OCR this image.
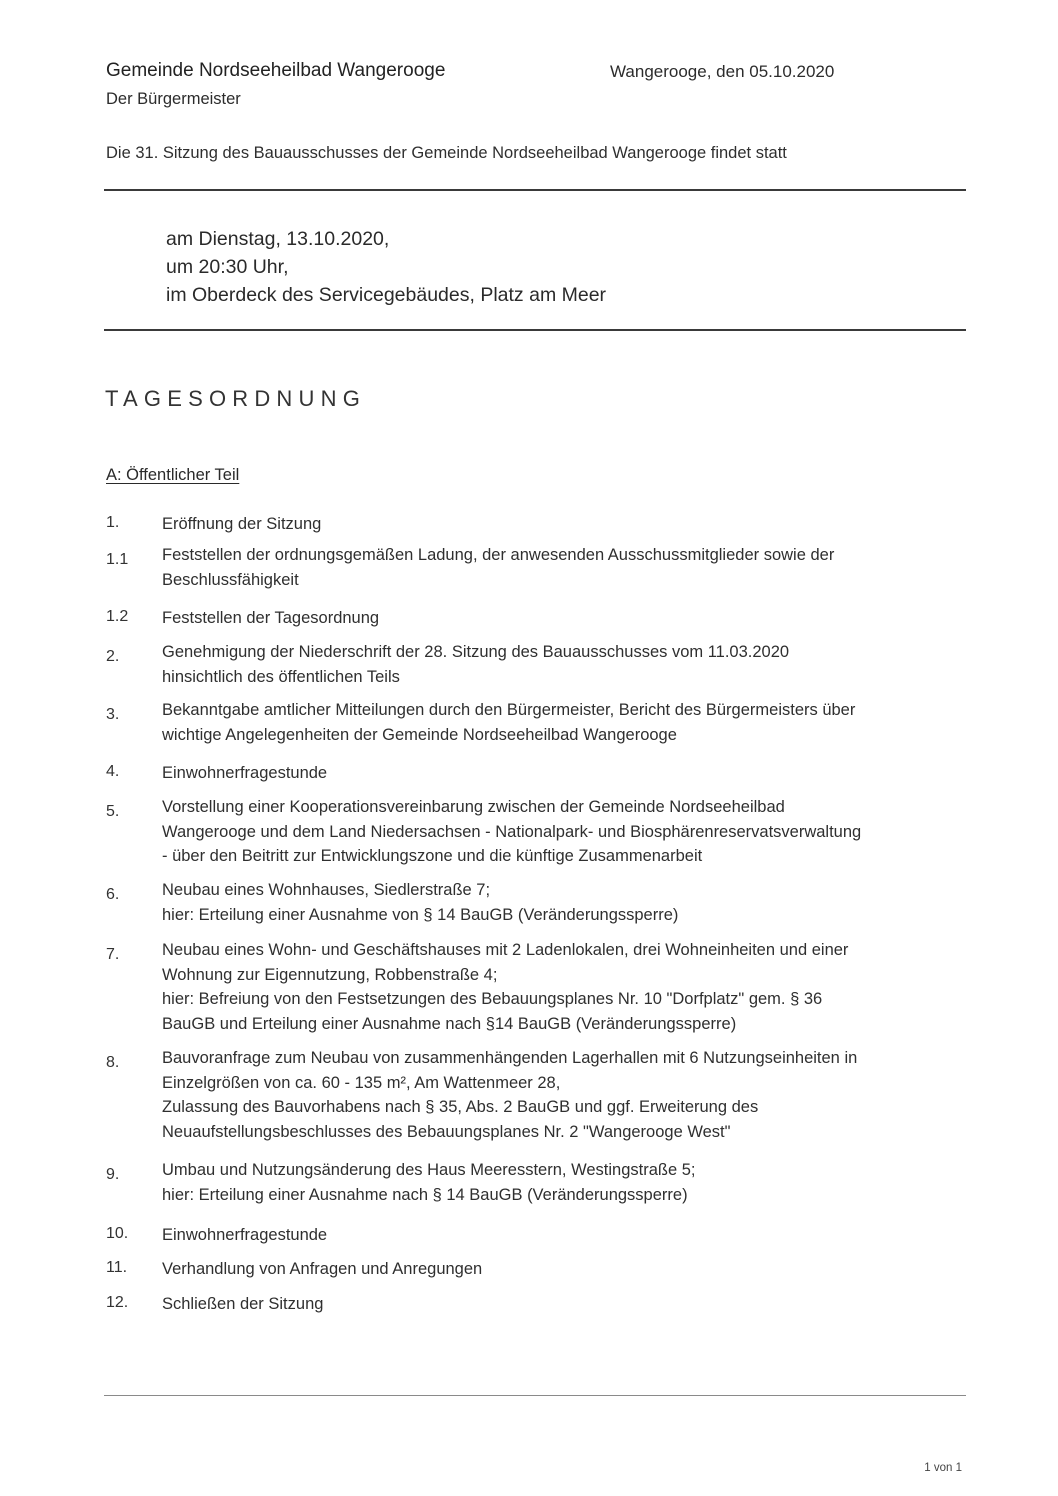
Gemeinde Nordseeheilbad Wangerooge
Der Bürgermeister
Wangerooge, den 05.10.2020
Die 31. Sitzung des Bauausschusses der Gemeinde Nordseeheilbad Wangerooge findet statt
am Dienstag, 13.10.2020,
um 20:30 Uhr,
im Oberdeck des Servicegebäudes, Platz am Meer
TAGESORDNUNG
A: Öffentlicher Teil
1.	Eröffnung der Sitzung
1.1 Feststellen der ordnungsgemäßen Ladung, der anwesenden Ausschussmitglieder sowie der
Beschlussfähigkeit
1.2 Feststellen der Tagesordnung
2.	Genehmigung der Niederschrift der 28. Sitzung des Bauausschusses vom 11.03.2020
hinsichtlich des öffentlichen Teils
3.	Bekanntgabe amtlicher Mitteilungen durch den Bürgermeister, Bericht des Bürgermeisters über
wichtige Angelegenheiten der Gemeinde Nordseeheilbad Wangerooge
4.	Einwohnerfragestunde
5.	Vorstellung einer Kooperationsvereinbarung zwischen der Gemeinde Nordseeheilbad
Wangerooge und dem Land Niedersachsen - Nationalpark- und Biosphärenreservatsverwaltung
- über den Beitritt zur Entwicklungszone und die künftige Zusammenarbeit
6.	Neubau eines Wohnhauses, Siedlerstraße 7;
hier: Erteilung einer Ausnahme von § 14 BauGB (Veränderungssperre)
7.	Neubau eines Wohn- und Geschäftshauses mit 2 Ladenlokalen, drei Wohneinheiten und einer
Wohnung zur Eigennutzung, Robbenstraße 4;
hier: Befreiung von den Festsetzungen des Bebauungsplanes Nr. 10 "Dorfplatz" gem. § 36
BauGB und Erteilung einer Ausnahme nach §14 BauGB (Veränderungssperre)
8.	Bauvoranfrage zum Neubau von zusammenhängenden Lagerhallen mit 6 Nutzungseinheiten in
Einzelgrößen von ca. 60 - 135 m², Am Wattenmeer 28,
Zulassung des Bauvorhabens nach § 35, Abs. 2 BauGB und ggf. Erweiterung des
Neuaufstellungsbeschlusses des Bebauungsplanes Nr. 2 "Wangerooge West"
9.	Umbau und Nutzungsänderung des Haus Meeresstern, Westingstraße 5;
hier: Erteilung einer Ausnahme nach § 14 BauGB (Veränderungssperre)
10. Einwohnerfragestunde
11. Verhandlung von Anfragen und Anregungen
12. Schließen der Sitzung
1 von 1
